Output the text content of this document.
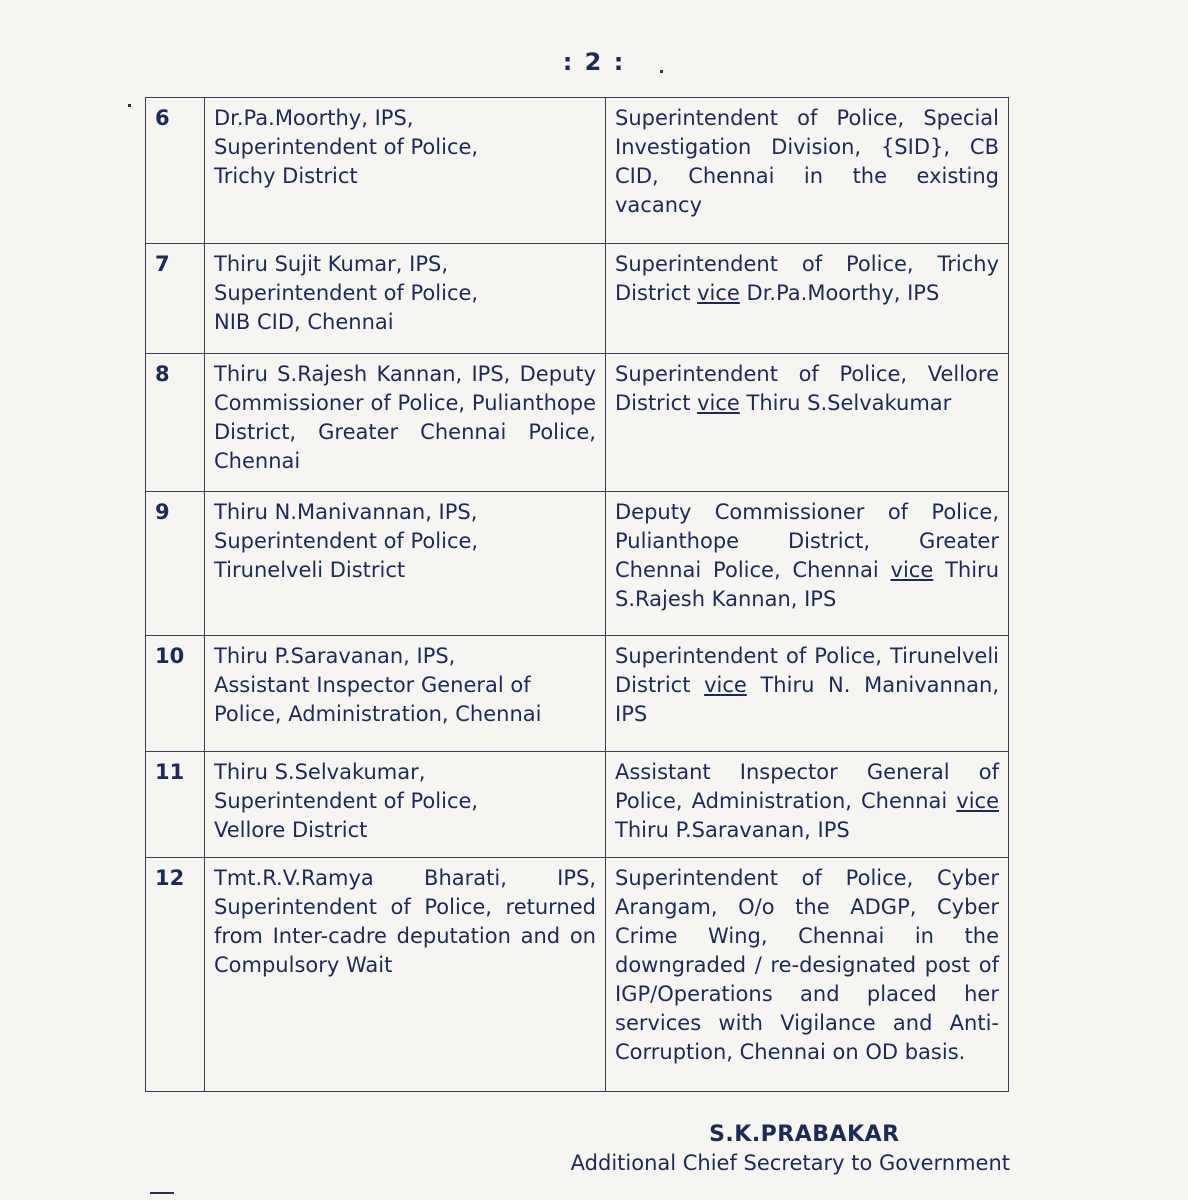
: 2 :
6	Dr.Pa.Moorthy, IPS,
Superintendent of Police,
Trichy District	Superintendent of Police, Special Investigation Division, {SID}, CB CID, Chennai in the existing vacancy

7	Thiru Sujit Kumar, IPS,
Superintendent of Police,
NIB CID, Chennai	Superintendent of Police, Trichy District vice Dr.Pa.Moorthy, IPS
8	Thiru S.Rajesh Kannan, IPS, Deputy Commissioner of Police, Pulianthope District, Greater Chennai Police, Chennai	Superintendent of Police, Vellore District vice Thiru S.Selvakumar
9	Thiru N.Manivannan, IPS,
Superintendent of Police,
Tirunelveli District	Deputy Commissioner of Police, Pulianthope District, Greater Chennai Police, Chennai vice Thiru S.Rajesh Kannan, IPS
10	Thiru P.Saravanan, IPS,
Assistant Inspector General of
Police, Administration, Chennai	Superintendent of Police, Tirunelveli District vice Thiru N. Manivannan, IPS
11	Thiru S.Selvakumar,
Superintendent of Police,
Vellore District	Assistant Inspector General of Police, Administration, Chennai vice Thiru P.Saravanan, IPS
12	Tmt.R.V.Ramya Bharati, IPS, Superintendent of Police, returned from Inter-cadre deputation and on Compulsory Wait	Superintendent of Police, Cyber Arangam, O/o the ADGP, Cyber Crime Wing, Chennai in the downgraded / re-designated post of IGP/Operations and placed her services with Vigilance and Anti-Corruption, Chennai on OD basis.
S.K.PRABAKAR
Additional Chief Secretary to Government
